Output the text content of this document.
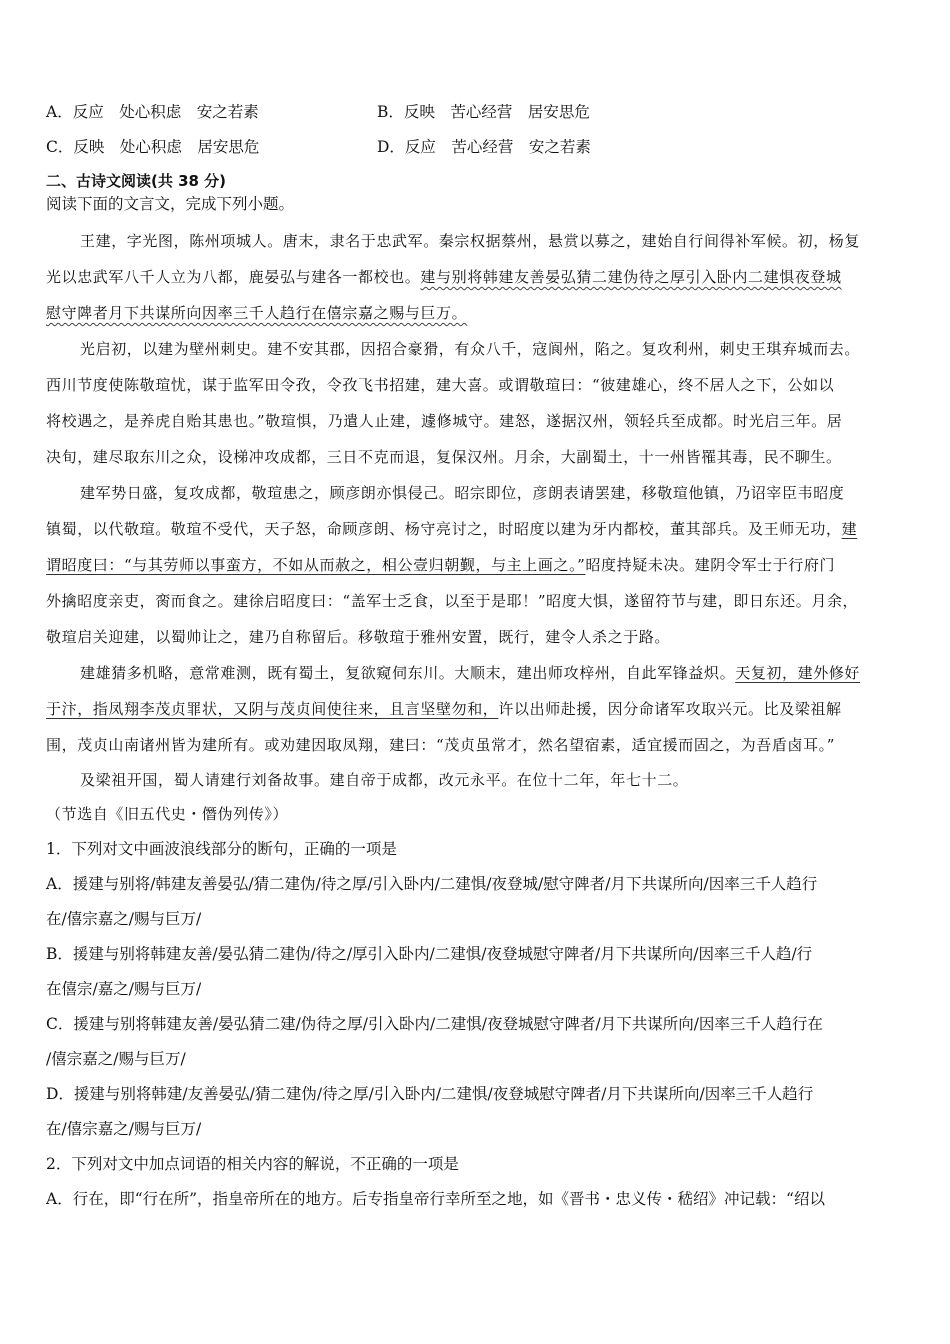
A．反应　处心积虑　安之若素	B．反映　苦心经营　居安思危
C．反映　处心积虑　居安思危	D．反应　苦心经营　安之若素
二、古诗文阅读(共 38 分)
阅读下面的文言文，完成下列小题。
王建，字光图，陈州项城人。唐末，隶名于忠武军。秦宗权据蔡州，悬赏以募之，建始自行间得补军候。初，杨复
光以忠武军八千人立为八都，鹿晏弘与建各一都校也。建与别将韩建友善晏弘猜二建伪待之厚引入卧内二建惧夜登城
慰守陴者月下共谋所向因率三千人趋行在僖宗嘉之赐与巨万。
光启初，以建为壁州刺史。建不安其郡，因招合豪猾，有众八千，寇阆州，陷之。复攻利州，刺史王琪弃城而去。
西川节度使陈敬瑄忧，谋于监军田令孜，令孜飞书招建，建大喜。或谓敬瑄曰：“彼建雄心，终不居人之下，公如以
将校遇之，是养虎自贻其患也。”敬瑄惧，乃遣人止建，遽修城守。建怒，遂据汉州，领轻兵至成都。时光启三年。居
决旬，建尽取东川之众，设梯冲攻成都，三日不克而退，复保汉州。月余，大副蜀土，十一州皆罹其毒，民不聊生。
建军势日盛，复攻成都，敬瑄患之，顾彦朗亦惧侵己。昭宗即位，彦朗表请罢建，移敬瑄他镇，乃诏宰臣韦昭度
镇蜀，以代敬瑄。敬瑄不受代，天子怒，命顾彦朗、杨守亮讨之，时昭度以建为牙内都校，董其部兵。及王师无功，建
谓昭度曰：“与其劳师以事蛮方，不如从而赦之，相公壹归朝觐，与主上画之。”昭度持疑未决。建阴令军士于行府门
外擒昭度亲吏，脔而食之。建徐启昭度曰：“盖军士乏食，以至于是耶！”昭度大惧，遂留符节与建，即日东还。月余，
敬瑄启关迎建，以蜀帅让之，建乃自称留后。移敬瑄于雅州安置，既行，建令人杀之于路。
建雄猜多机略，意常难测，既有蜀土，复欲窥伺东川。大顺末，建出师攻梓州，自此军锋益炽。天复初，建外修好
于汴，指凤翔李茂贞罪状，又阴与茂贞间使往来，且言坚壁勿和，许以出师赴援，因分命诸军攻取兴元。比及梁祖解
围，茂贞山南诸州皆为建所有。或劝建因取凤翔，建曰：“茂贞虽常才，然名望宿素，适宜援而固之，为吾盾卤耳。”
及梁祖开国，蜀人请建行刘备故事。建自帝于成都，改元永平。在位十二年，年七十二。
（节选自《旧五代史・僭伪列传》）
1．下列对文中画波浪线部分的断句，正确的一项是
A．援建与别将/韩建友善晏弘/猜二建伪/待之厚/引入卧内/二建惧/夜登城/慰守陴者/月下共谋所向/因率三千人趋行
在/僖宗嘉之/赐与巨万/
B．援建与别将韩建友善/晏弘猜二建伪/待之/厚引入卧内/二建惧/夜登城慰守陴者/月下共谋所向/因率三千人趋/行
在僖宗/嘉之/赐与巨万/
C．援建与别将韩建友善/晏弘猜二建/伪待之厚/引入卧内/二建惧/夜登城慰守陴者/月下共谋所向/因率三千人趋行在
/僖宗嘉之/赐与巨万/
D．援建与别将韩建/友善晏弘/猜二建伪/待之厚/引入卧内/二建惧/夜登城慰守陴者/月下共谋所向/因率三千人趋行
在/僖宗嘉之/赐与巨万/
2．下列对文中加点词语的相关内容的解说，不正确的一项是
A．行在，即“行在所”，指皇帝所在的地方。后专指皇帝行幸所至之地，如《晋书・忠义传・嵇绍》冲记载：“绍以
